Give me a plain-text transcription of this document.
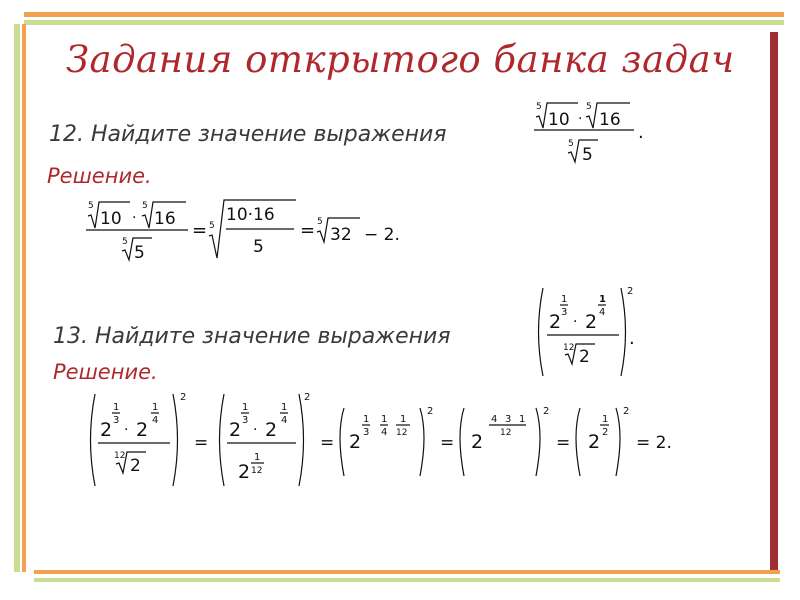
Задания открытого банка задач
12. Найдите значение выражения
5
10 ·
5
16
5
5
.
Решение.
5
10 ·
5
16
5
5
= 5
10·16
5
= 5
32 − 2.
13. Найдите значение выражения
2
1
3
· 2
1
4
12 2
2
.
Решение.
2
1
3
· 2
1
4
12 2
2
=
2
1
3
· 2
1
4
1
12
2
2
= 2
1
3
1
4
1
12
2
= 2
4 3 1
12
2
= 2
1
2
2
= 2.
